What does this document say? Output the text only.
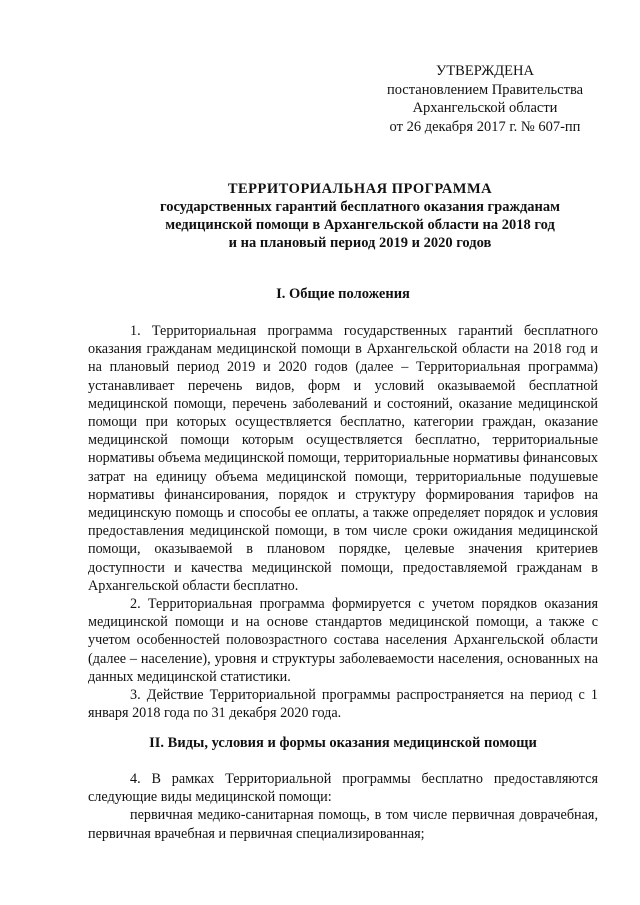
УТВЕРЖДЕНА
постановлением Правительства
Архангельской области
от 26 декабря 2017 г. № 607-пп
ТЕРРИТОРИАЛЬНАЯ ПРОГРАММА
государственных гарантий бесплатного оказания гражданам
медицинской помощи в Архангельской области на 2018 год
и на плановый период 2019 и 2020 годов
I. Общие положения

1. Территориальная программа государственных гарантий бесплатного оказания гражданам медицинской помощи в Архангельской области на 2018 год и на плановый период 2019 и 2020 годов (далее – Территориальная программа) устанавливает перечень видов, форм и условий оказываемой бесплатной медицинской помощи, перечень заболеваний и состояний, оказание медицинской помощи при которых осуществляется бесплатно, категории граждан, оказание медицинской помощи которым осуществляется бесплатно, территориальные нормативы объема медицинской помощи, территориальные нормативы финансовых затрат на единицу объема медицинской помощи, территориальные подушевые нормативы финансирования, порядок и структуру формирования тарифов на медицинскую помощь и способы ее оплаты, а также определяет порядок и условия предоставления медицинской помощи, в том числе сроки ожидания медицинской помощи, оказываемой в плановом порядке, целевые значения критериев доступности и качества медицинской помощи, предоставляемой гражданам в Архангельской области бесплатно.

2. Территориальная программа формируется с учетом порядков оказания медицинской помощи и на основе стандартов медицинской помощи, а также с учетом особенностей половозрастного состава населения Архангельской области (далее – население), уровня и структуры заболеваемости населения, основанных на данных медицинской статистики.

3. Действие Территориальной программы распространяется на период с 1 января 2018 года по 31 декабря 2020 года.

II. Виды, условия и формы оказания медицинской помощи

4. В рамках Территориальной программы бесплатно предоставляются следующие виды медицинской помощи:

первичная медико-санитарная помощь, в том числе первичная доврачебная, первичная врачебная и первичная специализированная;
